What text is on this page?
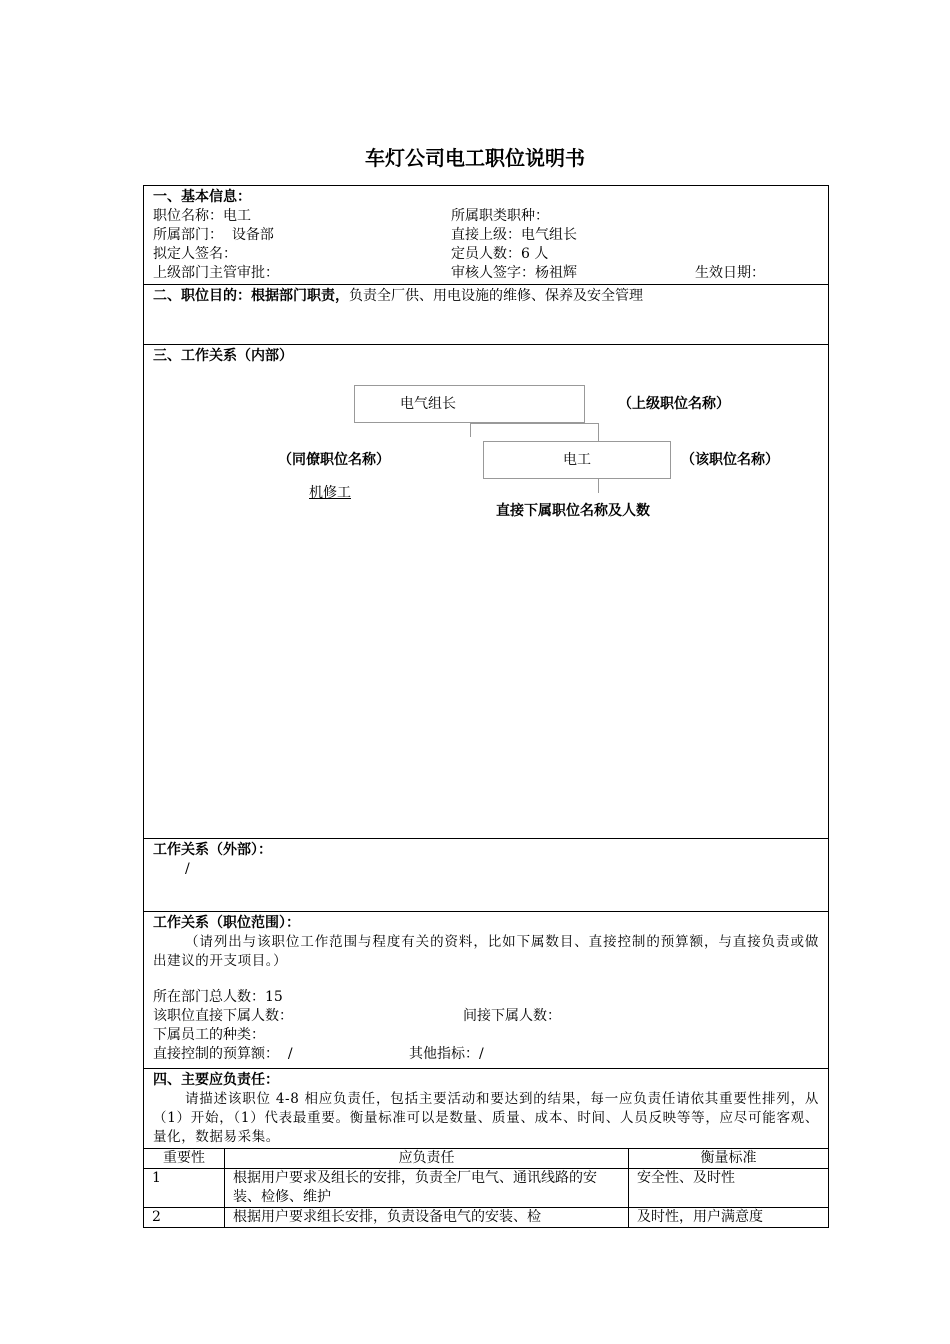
车灯公司电工职位说明书
一、基本信息：
职位名称：电工	所属职类职种：
所属部门：  设备部	直接上级：电气组长
拟定人签名：	定员人数：6 人
上级部门主管审批：	审核人签字：杨祖辉	生效日期：
二、职位目的：根据部门职责，负责全厂供、用电设施的维修、保养及安全管理
三、工作关系（内部）
电气组长	（上级职位名称）
（同僚职位名称）	电工	（该职位名称）
机修工
直接下属职位名称及人数
工作关系（外部）：
/
工作关系（职位范围）：
（请列出与该职位工作范围与程度有关的资料，比如下属数目、直接控制的预算额，与直接负责或做出建议的开支项目。）
所在部门总人数：15
该职位直接下属人数：	间接下属人数：
下属员工的种类：
直接控制的预算额：  /	其他指标：/
四、主要应负责任：
请描述该职位 4-8 相应负责任，包括主要活动和要达到的结果，每一应负责任请依其重要性排列，从（1）开始，（1）代表最重要。衡量标准可以是数量、质量、成本、时间、人员反映等等，应尽可能客观、量化，数据易采集。
重要性	应负责任	衡量标准
1	根据用户要求及组长的安排，负责全厂电气、通讯线路的安装、检修、维护	安全性、及时性
2	根据用户要求组长安排，负责设备电气的安装、检	及时性，用户满意度
